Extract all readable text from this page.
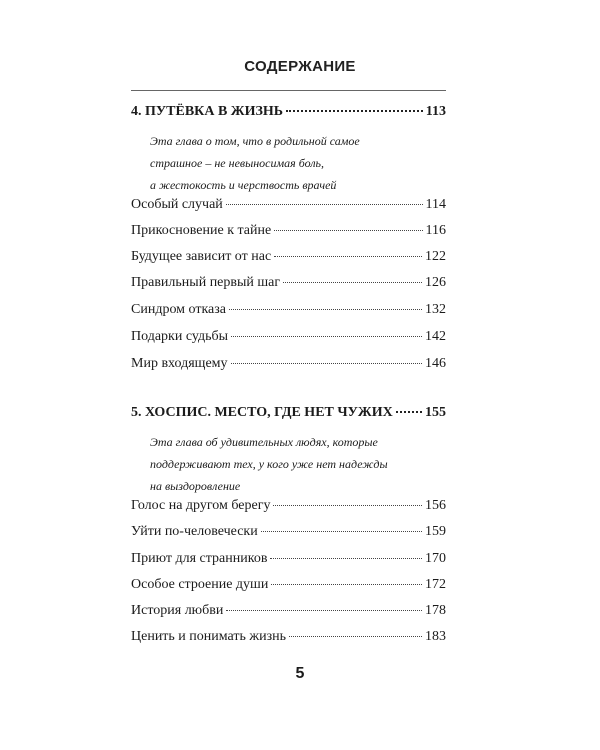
СОДЕРЖАНИЕ
4. ПУТЁВКА В ЖИЗНЬ	113
Эта глава о том, что в родильной самое
страшное – не невыносимая боль,
а жестокость и черствость врачей
Особый случай	114
Прикосновение к тайне	116
Будущее зависит от нас	122
Правильный первый шаг	126
Синдром отказа	132
Подарки судьбы	142
Мир входящему	146
5. ХОСПИС. МЕСТО, ГДЕ НЕТ ЧУЖИХ 155
Эта глава об удивительных людях, которые
поддерживают тех, у кого уже нет надежды
на выздоровление
Голос на другом берегу	156
Уйти по-человечески	159
Приют для странников	170
Особое строение души	172
История любви	178
Ценить и понимать жизнь	183
5
